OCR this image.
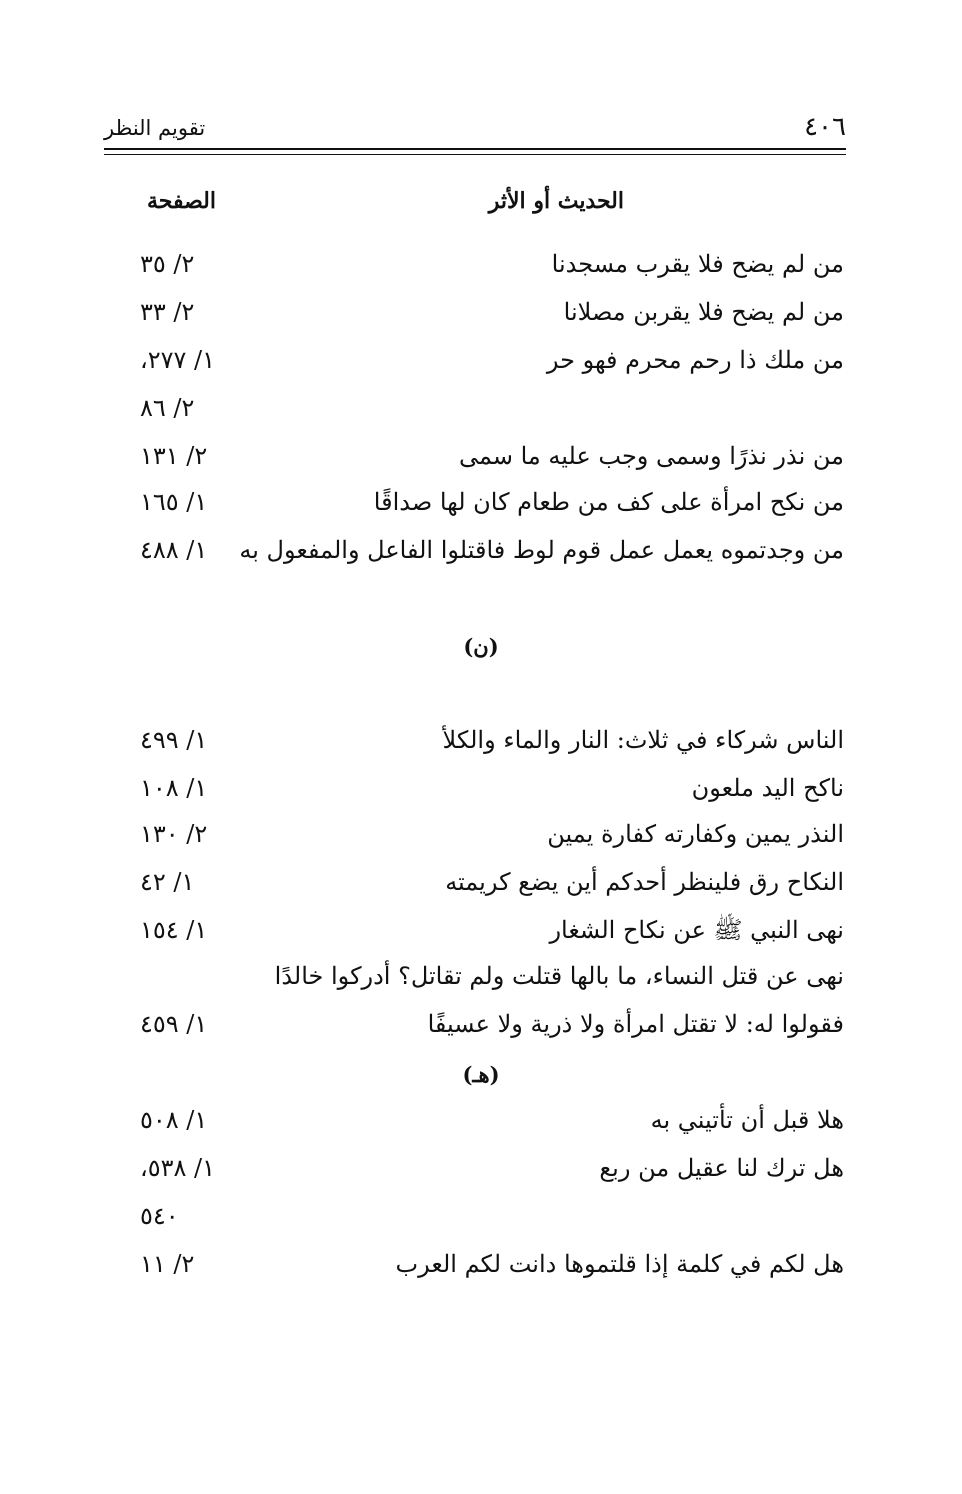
٤٠٦
تقويم النظر
الحديث أو الأثر
الصفحة
من لم يضح فلا يقرب مسجدنا
٢/ ٣٥
من لم يضح فلا يقربن مصلانا
٢/ ٣٣
من ملك ذا رحم محرم فهو حر
١/ ٢٧٧،
٢/ ٨٦
من نذر نذرًا وسمى وجب عليه ما سمى
٢/ ١٣١
من نكح امرأة على كف من طعام كان لها صداقًا
١/ ١٦٥
من وجدتموه يعمل عمل قوم لوط فاقتلوا الفاعل والمفعول به
١/ ٤٨٨
(ن)
الناس شركاء في ثلاث: النار والماء والكلأ
١/ ٤٩٩
ناكح اليد ملعون
١/ ١٠٨
النذر يمين وكفارته كفارة يمين
٢/ ١٣٠
النكاح رق فلينظر أحدكم أين يضع كريمته
١/ ٤٢
نهى النبي ﷺ عن نكاح الشغار
١/ ١٥٤
نهى عن قتل النساء، ما بالها قتلت ولم تقاتل؟ أدركوا خالدًا
فقولوا له: لا تقتل امرأة ولا ذرية ولا عسيفًا
١/ ٤٥٩
(هـ)
هلا قبل أن تأتيني به
١/ ٥٠٨
هل ترك لنا عقيل من ربع
١/ ٥٣٨،
٥٤٠
هل لكم في كلمة إذا قلتموها دانت لكم العرب
٢/ ١١
